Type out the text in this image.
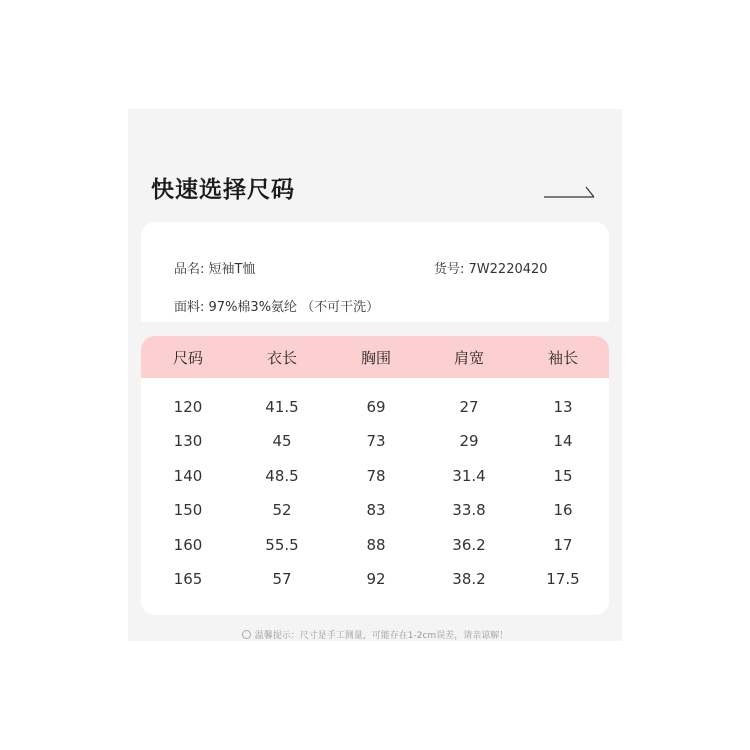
快速选择尺码
品名: 短袖T恤	货号: 7W2220420
面料: 97%棉3%氨纶 （不可干洗）
尺码	衣长	胸围	肩宽	袖长
120	41.5	69	27	13
130	45	73	29	14
140	48.5	78	31.4	15
150	52	83	33.8	16
160	55.5	88	36.2	17
165	57	92	38.2	17.5
温馨提示：尺寸是手工测量，可能存在1-2cm误差，请亲谅解！
